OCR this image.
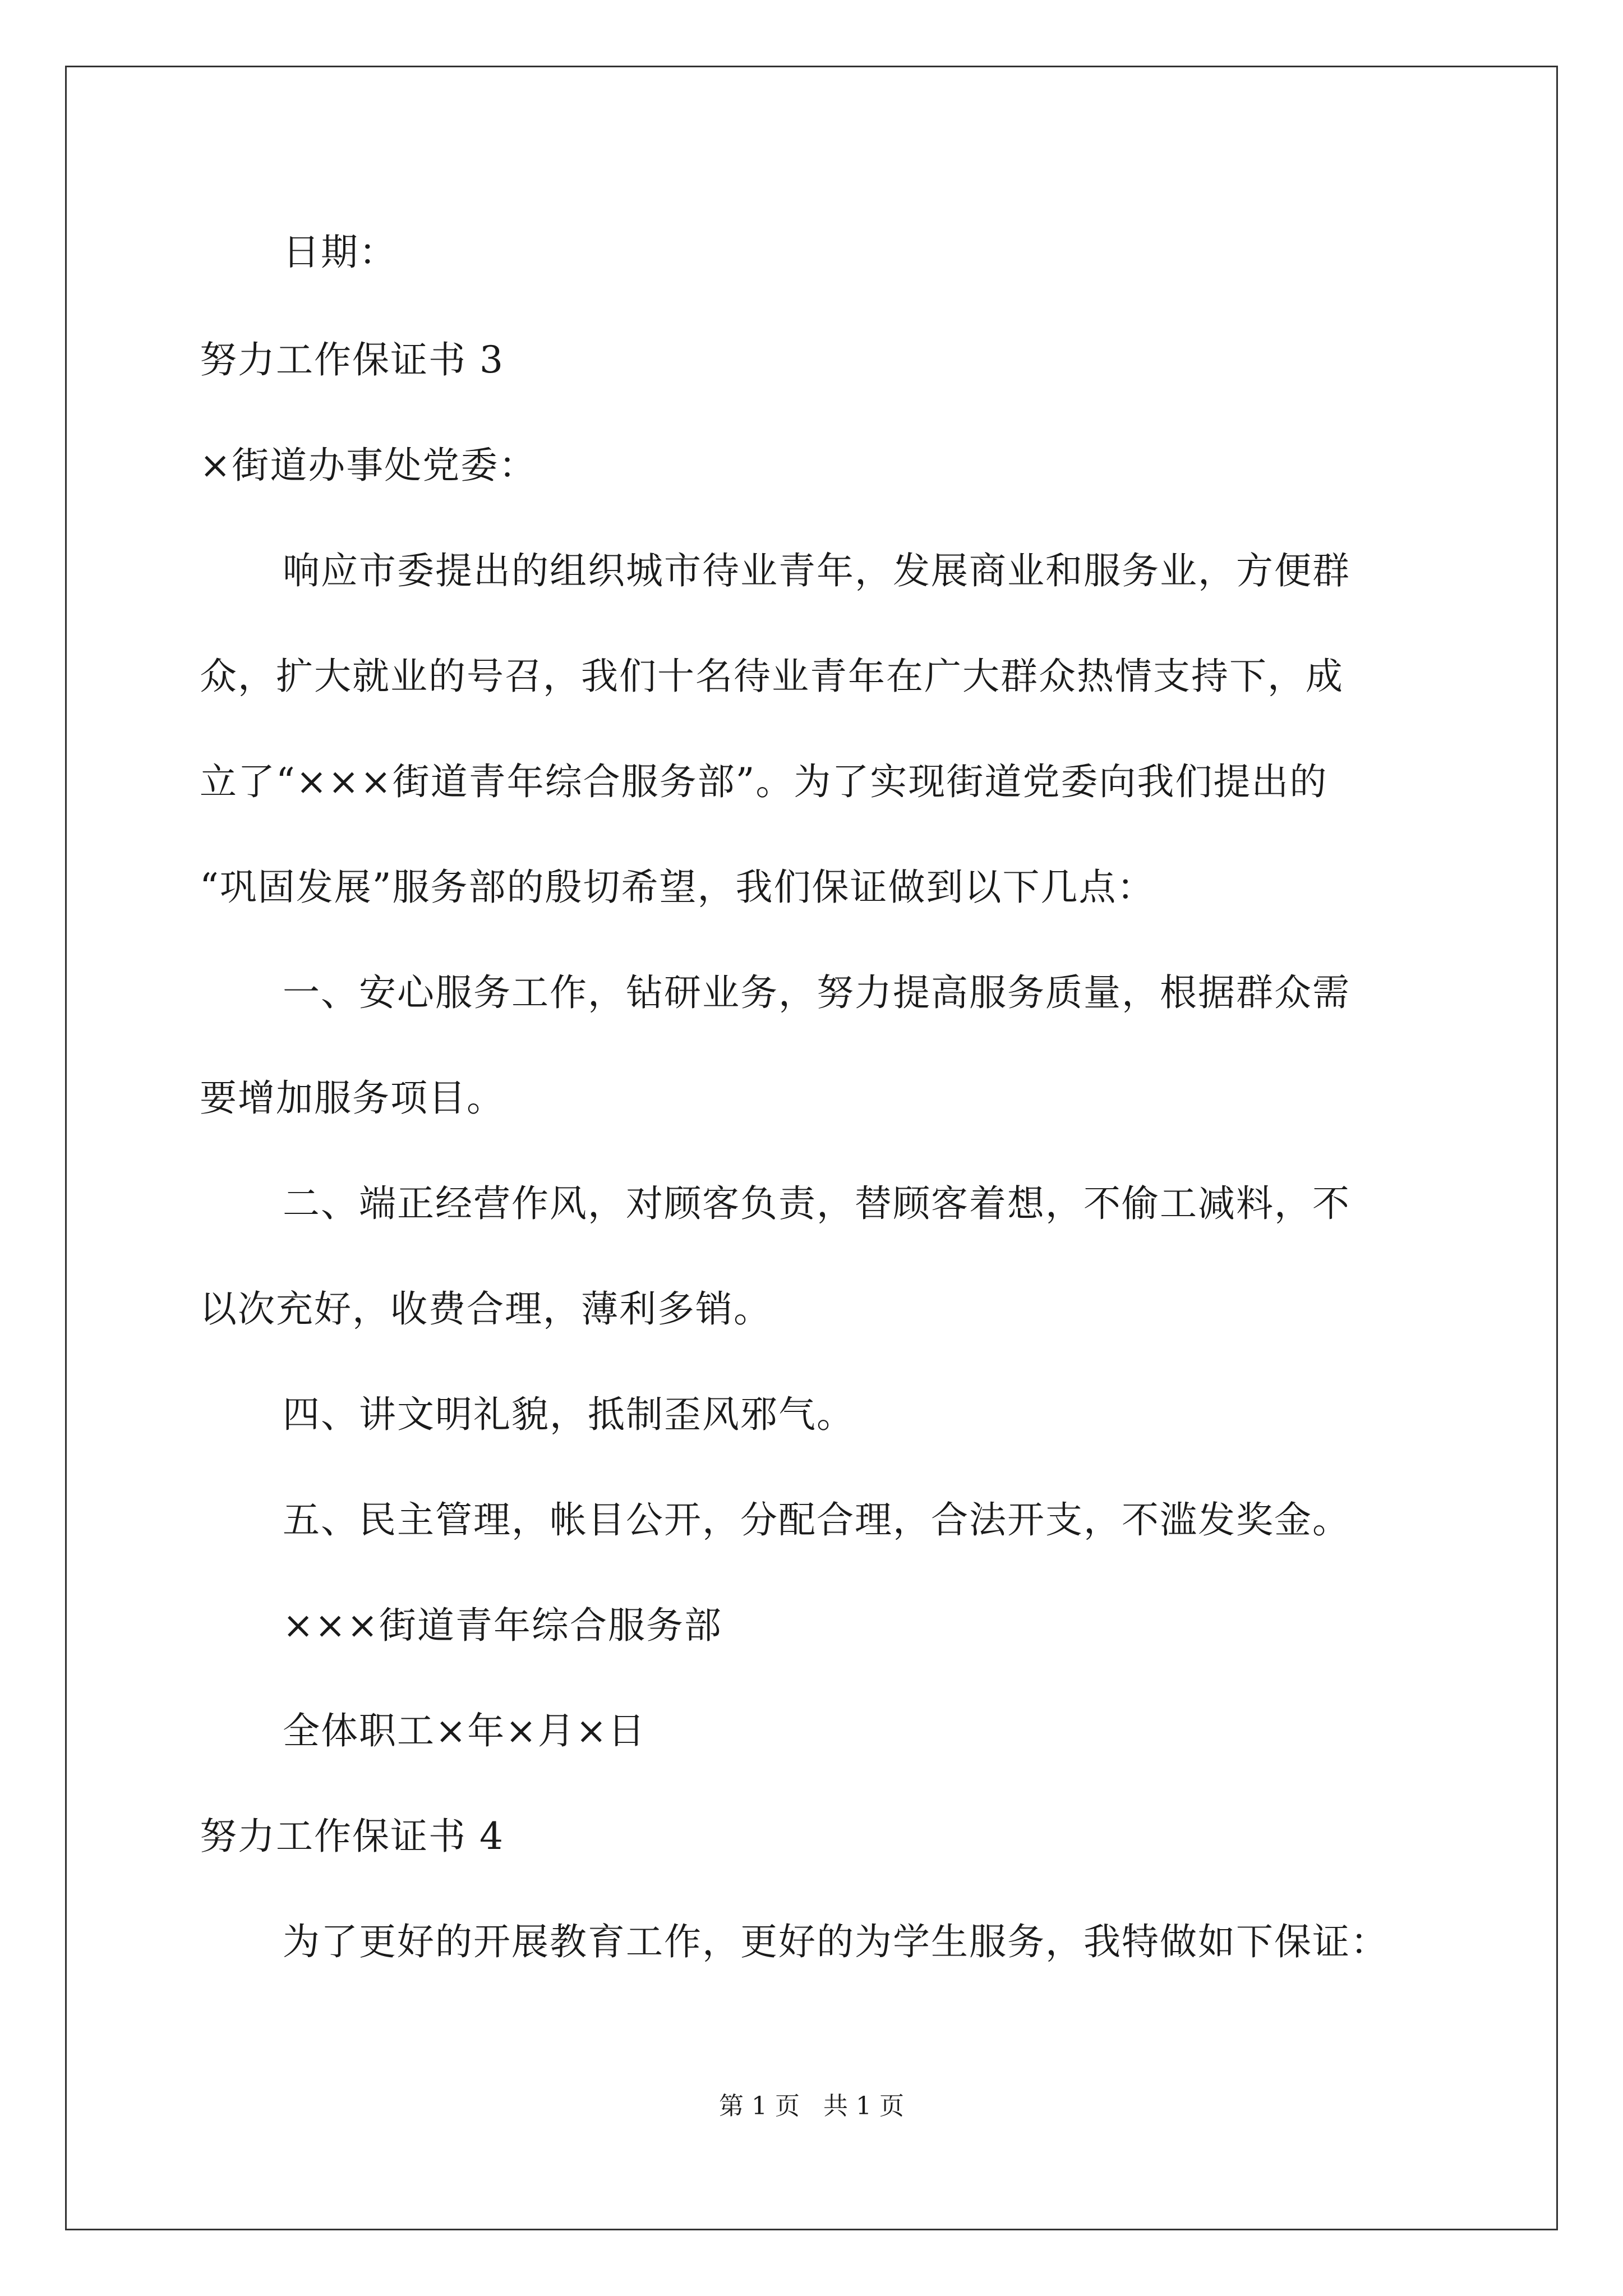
日期：
努力工作保证书 3
×街道办事处党委：
响应市委提出的组织城市待业青年，发展商业和服务业，方便群
众，扩大就业的号召，我们十名待业青年在广大群众热情支持下，成
立了“×××街道青年综合服务部”。为了实现街道党委向我们提出的
“巩固发展”服务部的殷切希望，我们保证做到以下几点：
一、安心服务工作，钻研业务，努力提高服务质量，根据群众需
要增加服务项目。
二、端正经营作风，对顾客负责，替顾客着想，不偷工减料，不
以次充好，收费合理，薄利多销。
四、讲文明礼貌，抵制歪风邪气。
五、民主管理，帐目公开，分配合理，合法开支，不滥发奖金。
×××街道青年综合服务部
全体职工×年×月×日
努力工作保证书 4
为了更好的开展教育工作，更好的为学生服务，我特做如下保证：
第 1 页   共 1 页
